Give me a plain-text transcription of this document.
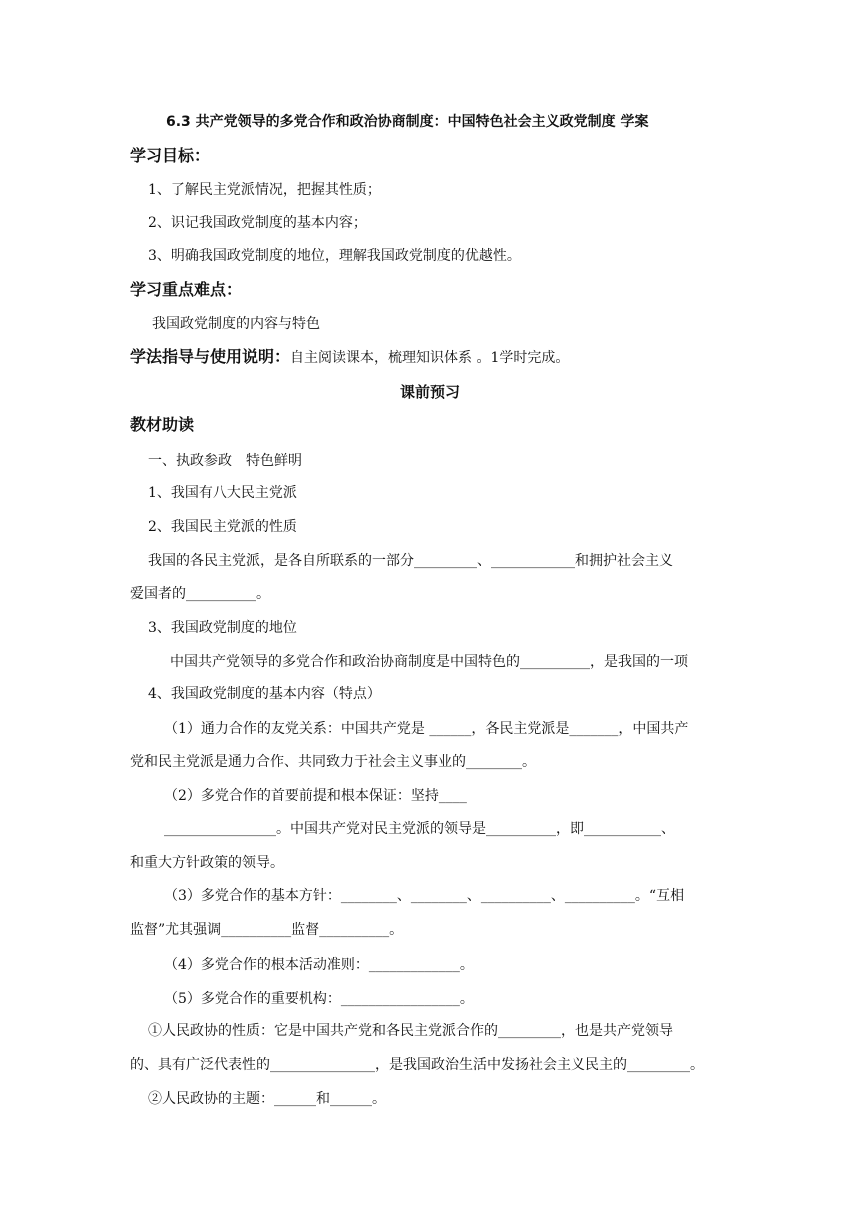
6.3 共产党领导的多党合作和政治协商制度：中国特色社会主义政党制度 学案
学习目标：
1、了解民主党派情况，把握其性质；
2、识记我国政党制度的基本内容；
3、明确我国政党制度的地位，理解我国政党制度的优越性。
学习重点难点：
我国政党制度的内容与特色
学法指导与使用说明：自主阅读课本，梳理知识体系 。1学时完成。
课前预习
教材助读
一、执政参政　特色鲜明
1、我国有八大民主党派
2、我国民主党派的性质
我国的各民主党派，是各自所联系的一部分_________、____________和拥护社会主义
爱国者的__________。
3、我国政党制度的地位
中国共产党领导的多党合作和政治协商制度是中国特色的__________，是我国的一项
4、我国政党制度的基本内容（特点）
（1）通力合作的友党关系：中国共产党是 ______，各民主党派是_______，中国共产
党和民主党派是通力合作、共同致力于社会主义事业的________。
（2）多党合作的首要前提和根本保证：坚持____
________________。中国共产党对民主党派的领导是__________，即___________、
和重大方针政策的领导。
（3）多党合作的基本方针：________、________、__________、__________。“互相
监督”尤其强调__________监督__________。
（4）多党合作的根本活动准则：_____________。
（5）多党合作的重要机构：_________________。
①人民政协的性质：它是中国共产党和各民主党派合作的_________，也是共产党领导
的、具有广泛代表性的_______________，是我国政治生活中发扬社会主义民主的_________。
②人民政协的主题：______和______。
